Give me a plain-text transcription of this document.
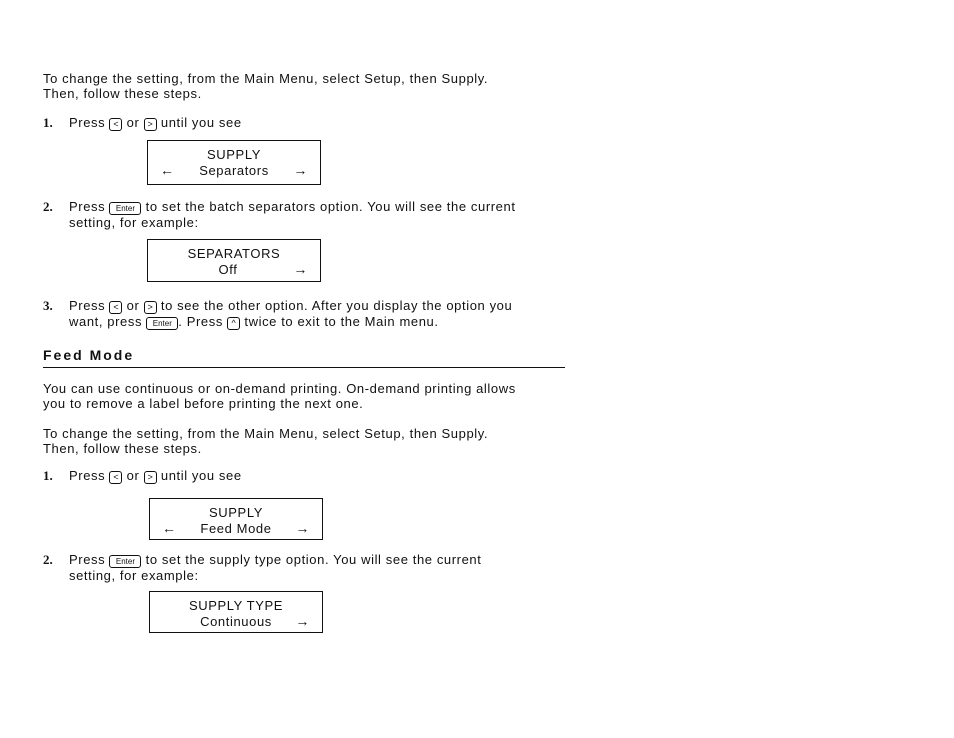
To change the setting, from the Main Menu, select Setup, then Supply.
Then, follow these steps.
1. Press < or > until you see
SUPPLY
Separators
←	→
2. Press Enter to set the batch separators option. You will see the current
setting, for example:
SEPARATORS
Off	→
3. Press < or > to see the other option. After you display the option you
want, press Enter . Press ^ twice to exit to the Main menu.
Feed Mode
You can use continuous or on-demand printing. On-demand printing allows
you to remove a label before printing the next one.
To change the setting, from the Main Menu, select Setup, then Supply.
Then, follow these steps.
1. Press < or > until you see
SUPPLY
Feed Mode
←	→
2. Press Enter to set the supply type option. You will see the current
setting, for example:
SUPPLY TYPE
Continuous	→
